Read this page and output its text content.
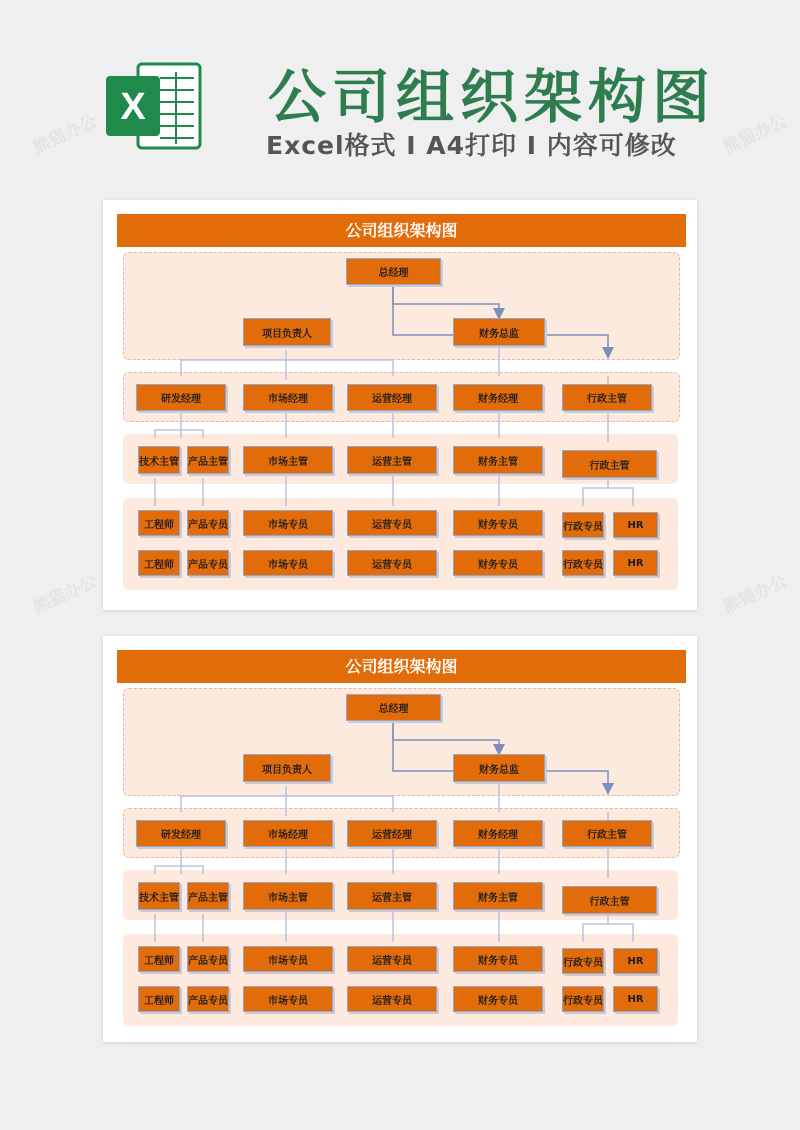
X 公司组织架构图
Excel格式 I A4打印 I 内容可修改
公司组织架构图
总经理
项目负责人	财务总监
研发经理	市场经理	运营经理	财务经理	行政主管
技术主管 产品主管	市场主管	运营主管	财务主管	行政主管
工程师	产品专员	市场专员	运营专员	财务专员	行政专员	HR
工程师	产品专员	市场专员	运营专员	财务专员	行政专员	HR
公司组织架构图
总经理
项目负责人	财务总监
研发经理	市场经理	运营经理	财务经理	行政主管
技术主管 产品主管	市场主管	运营主管	财务主管	行政主管
工程师	产品专员	市场专员	运营专员	财务专员	行政专员	HR
工程师	产品专员	市场专员	运营专员	财务专员	行政专员	HR
熊猫办公	熊猫办公
熊猫办公	熊猫办公
